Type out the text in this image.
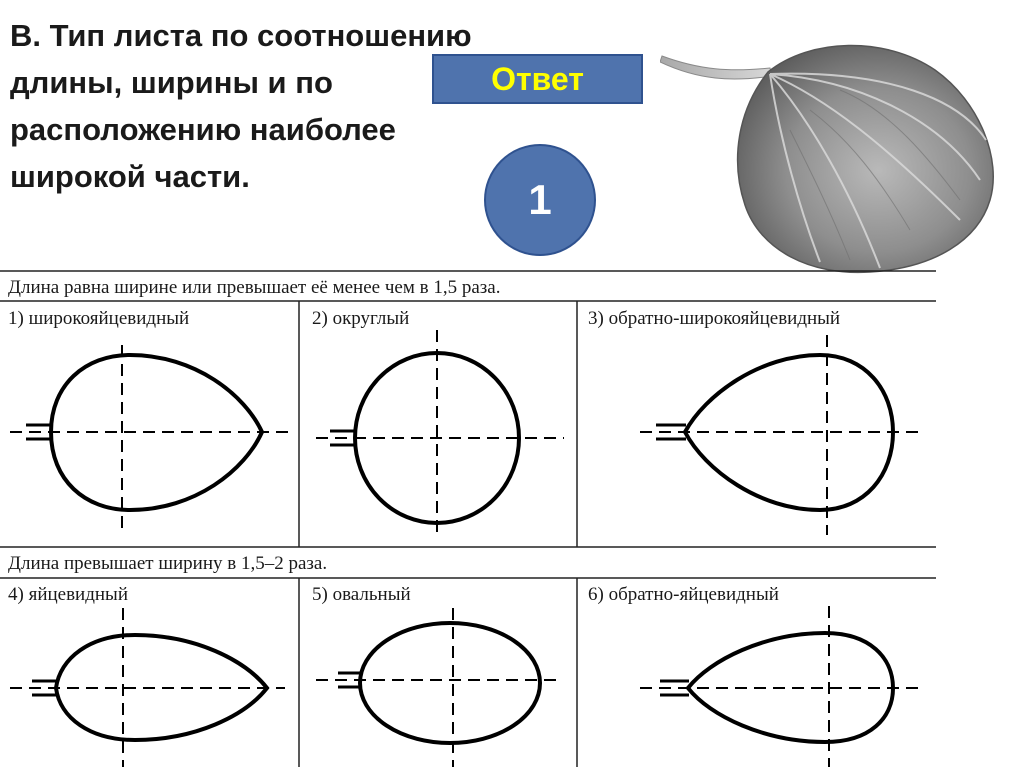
В. Тип листа по соотношению
длины, ширины и по
расположению наиболее
широкой части.
Ответ
1
Длина равна ширине или превышает её менее чем в 1,5 раза.
1) широкояйцевидный	2) округлый	3) обратно-широкояйцевидный
Длина превышает ширину в 1,5–2 раза.
4) яйцевидный	5) овальный	6) обратно-яйцевидный
